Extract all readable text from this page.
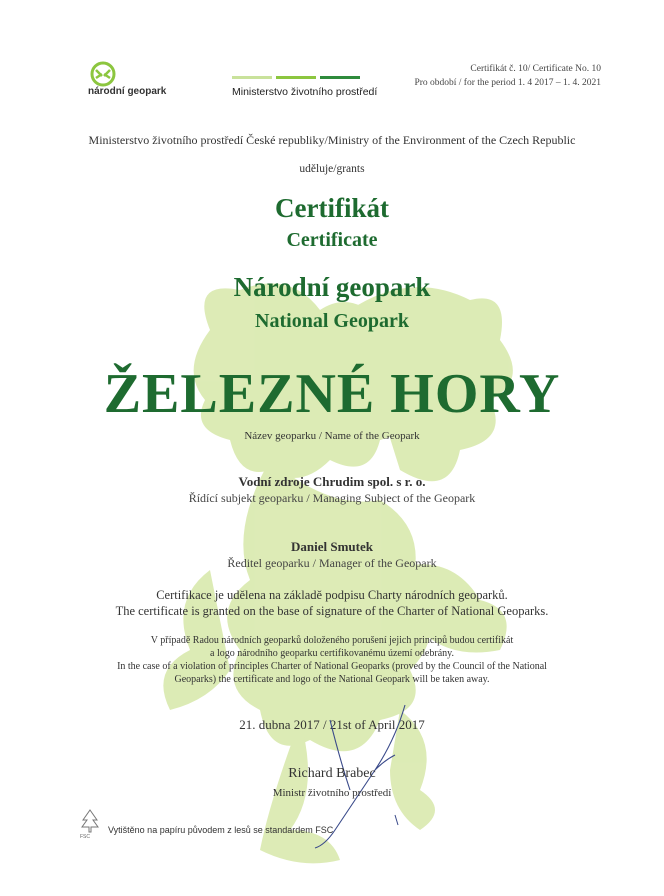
národní geopark	Ministerstvo životního prostředí
Certifikát č. 10/ Certificate No. 10
Pro období / for the period 1. 4 2017 – 1. 4. 2021
Ministerstvo životního prostředí České republiky/Ministry of the Environment of the Czech Republic
uděluje/grants
Certifikát
Certificate
Národní geopark
National Geopark
ŽELEZNÉ HORY
Název geoparku / Name of the Geopark
Vodní zdroje Chrudim spol. s r. o.
Řídící subjekt geoparku / Managing Subject of the Geopark
Daniel Smutek
Ředitel geoparku / Manager of the Geopark
Certifikace je udělena na základě podpisu Charty národních geoparků.
The certificate is granted on the base of signature of the Charter of National Geoparks.
V případě Radou národních geoparků doloženého porušení jejich principů budou certifikát
a logo národního geoparku certifikovanému území odebrány.
In the case of a violation of principles Charter of National Geoparks (proved by the Council of the National
Geoparks) the certificate and logo of the National Geopark will be taken away.
21. dubna 2017 / 21st of April 2017
Richard Brabec
Ministr životního prostředí
FSC
Vytištěno na papíru původem z lesů se standardem FSC
